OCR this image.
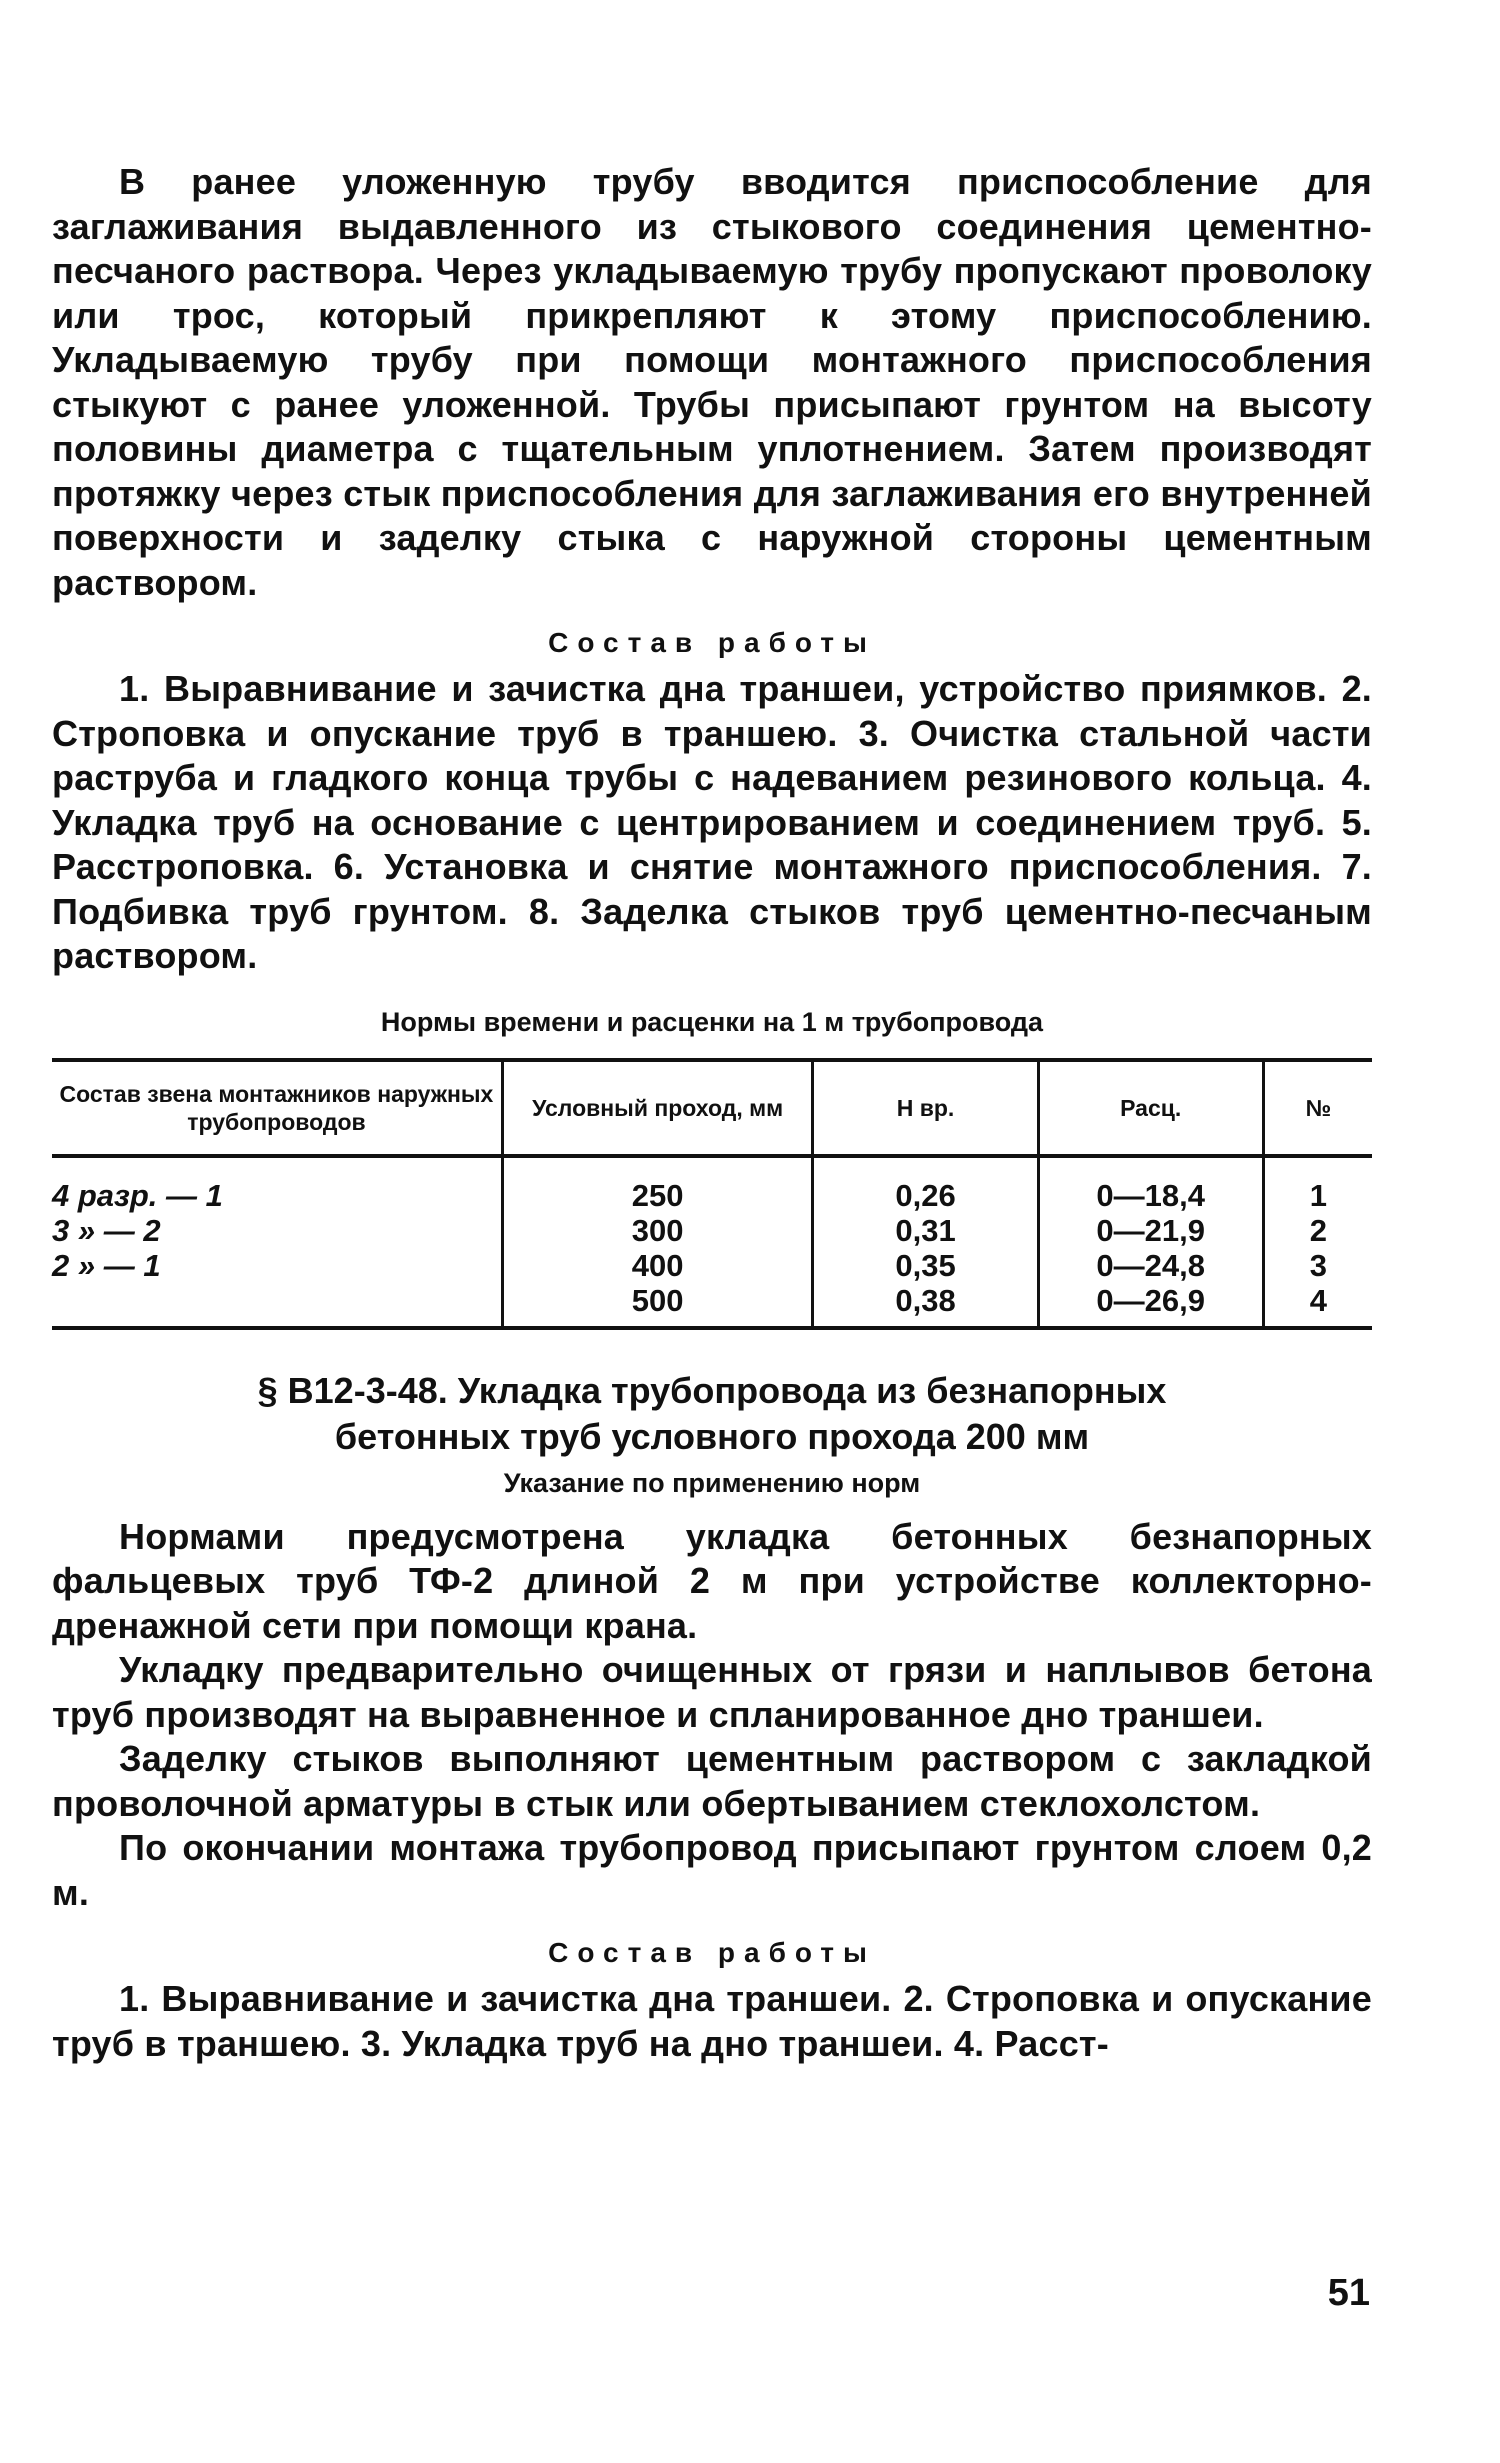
В ранее уложенную трубу вводится приспособление для заглаживания выдавленного из стыкового соединения цементно-песчаного раствора. Через укладываемую трубу пропускают проволоку или трос, который прикрепляют к этому приспособлению. Укладываемую трубу при помощи монтажного приспособления стыкуют с ранее уложенной. Трубы присыпают грунтом на высоту половины диаметра с тщательным уплотнением. Затем производят протяжку через стык приспособления для заглаживания его внутренней поверхности и заделку стыка с наружной стороны цементным раствором.

Состав работы

1. Выравнивание и зачистка дна траншеи, устройство приямков. 2. Строповка и опускание труб в траншею. 3. Очистка стальной части раструба и гладкого конца трубы с надеванием резинового кольца. 4. Укладка труб на основание с центрированием и соединением труб. 5. Расстроповка. 6. Установка и снятие монтажного приспособления. 7. Подбивка труб грунтом. 8. Заделка стыков труб цементно-песчаным раствором.

Нормы времени и расценки на 1 м трубопровода
Состав звена монтажников наружных трубопроводов	Условный проход, мм	Н вр.	Расц.	№
4 разр. — 1	250	0,26	0—18,4	1
3 » — 2	300	0,31	0—21,9	2
2 » — 1	400	0,35	0—24,8	3
	500	0,38	0—26,9	4
§ В12-3-48. Укладка трубопровода из безнапорных
бетонных труб условного прохода 200 мм
Указание по применению норм

Нормами предусмотрена укладка бетонных безнапорных фальцевых труб ТФ-2 длиной 2 м при устройстве коллекторно-дренажной сети при помощи крана.

Укладку предварительно очищенных от грязи и наплывов бетона труб производят на выравненное и спланированное дно траншеи.

Заделку стыков выполняют цементным раствором с закладкой проволочной арматуры в стык или обертыванием стеклохолстом.

По окончании монтажа трубопровод присыпают грунтом слоем 0,2 м.

Состав работы

1. Выравнивание и зачистка дна траншеи. 2. Строповка и опускание труб в траншею. 3. Укладка труб на дно траншеи. 4. Расст-

51
